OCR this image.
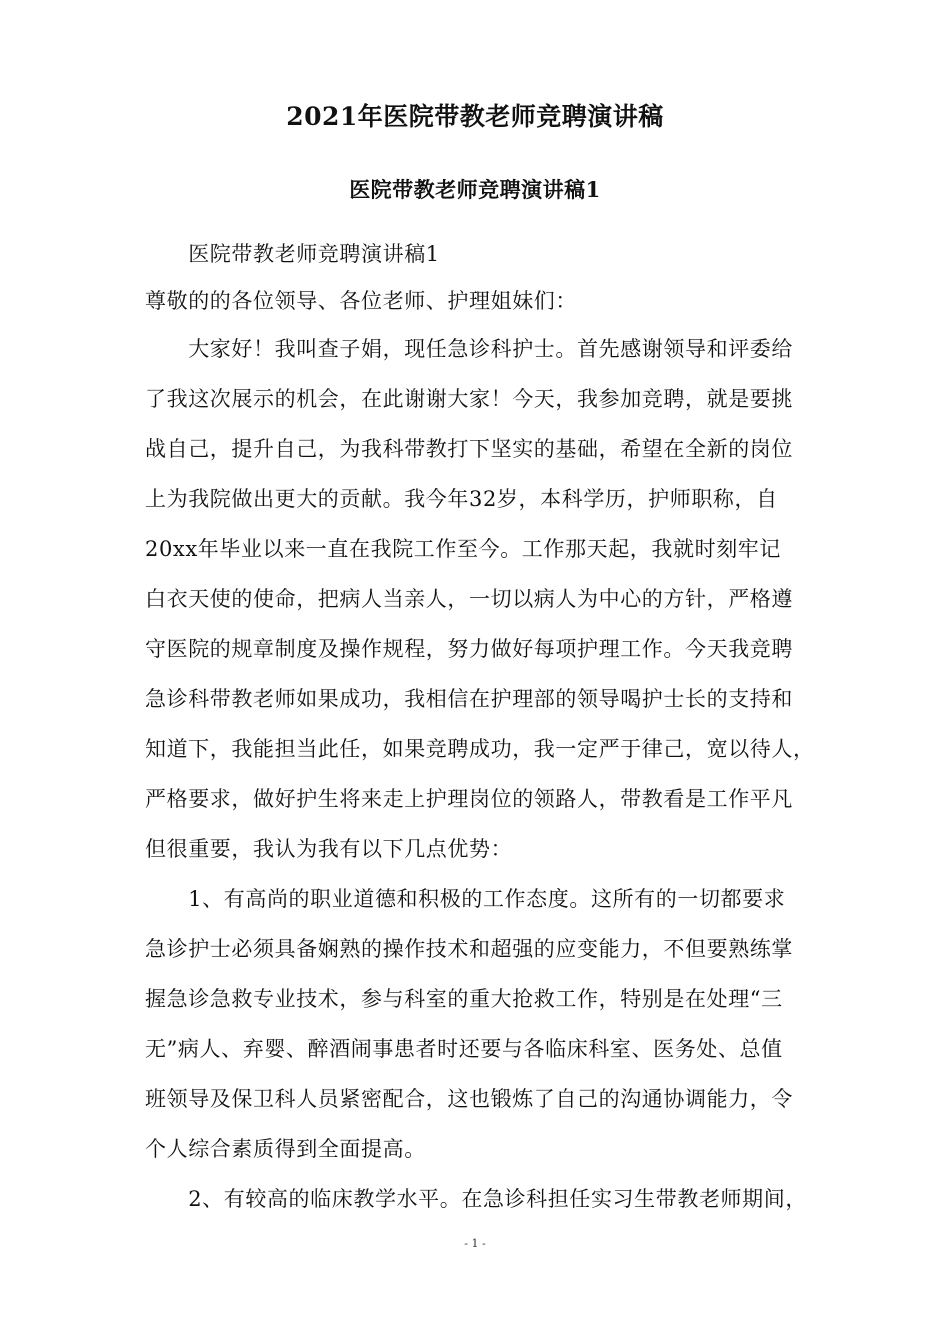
2021年医院带教老师竞聘演讲稿
医院带教老师竞聘演讲稿1
　　医院带教老师竞聘演讲稿1
尊敬的的各位领导、各位老师、护理姐妹们：
　　大家好！我叫查子娟，现任急诊科护士。首先感谢领导和评委给
了我这次展示的机会，在此谢谢大家！今天，我参加竞聘，就是要挑
战自己，提升自己，为我科带教打下坚实的基础，希望在全新的岗位
上为我院做出更大的贡献。我今年32岁，本科学历，护师职称，自
20xx年毕业以来一直在我院工作至今。工作那天起，我就时刻牢记
白衣天使的使命，把病人当亲人，一切以病人为中心的方针，严格遵
守医院的规章制度及操作规程，努力做好每项护理工作。今天我竞聘
急诊科带教老师如果成功，我相信在护理部的领导喝护士长的支持和
知道下，我能担当此任，如果竞聘成功，我一定严于律己，宽以待人，
严格要求，做好护生将来走上护理岗位的领路人，带教看是工作平凡
但很重要，我认为我有以下几点优势：
　　1、有高尚的职业道德和积极的工作态度。这所有的一切都要求
急诊护士必须具备娴熟的操作技术和超强的应变能力，不但要熟练掌
握急诊急救专业技术，参与科室的重大抢救工作，特别是在处理“三
无”病人、弃婴、醉酒闹事患者时还要与各临床科室、医务处、总值
班领导及保卫科人员紧密配合，这也锻炼了自己的沟通协调能力，令
个人综合素质得到全面提高。
　　2、有较高的临床教学水平。在急诊科担任实习生带教老师期间，
- 1 -
